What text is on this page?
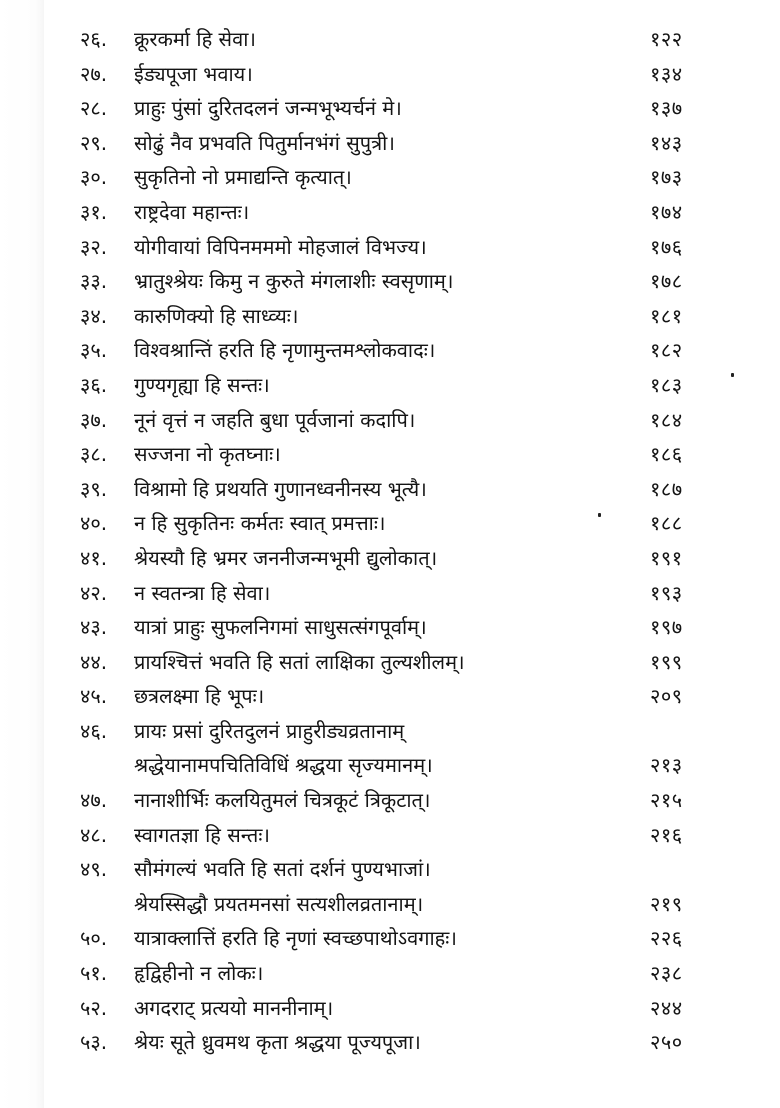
२६.	क्रूरकर्मा हि सेवा।	१२२
२७.	ईड्यपूजा भवाय।	१३४
२८.	प्राहुः पुंसां दुरितदलनं जन्मभूभ्यर्चनं मे।	१३७
२९.	सोढुं नैव प्रभवति पितुर्मानभंगं सुपुत्री।	१४३
३०.	सुकृतिनो नो प्रमाद्यन्ति कृत्यात्।	१७३
३१.	राष्ट्रदेवा महान्तः।	१७४
३२.	योगीवायां विपिनमममो मोहजालं विभज्य।	१७६
३३.	भ्रातुश्श्रेयः किमु न कुरुते मंगलाशीः स्वसृणाम्।	१७८
३४.	कारुणिक्यो हि साध्व्यः।	१८१
३५.	विश्वश्रान्तिं हरति हि नृणामुन्तमश्लोकवादः।	१८२
३६.	गुण्यगृह्या हि सन्तः।	१८३
३७.	नूनं वृत्तं न जहति बुधा पूर्वजानां कदापि।	१८४
३८.	सज्जना नो कृतघ्नाः।	१८६
३९.	विश्रामो हि प्रथयति गुणानध्वनीनस्य भूत्यै।	१८७
४०.	न हि सुकृतिनः कर्मतः स्वात् प्रमत्ताः।	१८८
४१.	श्रेयस्यौ हि भ्रमर जननीजन्मभूमी द्युलोकात्।	१९१
४२.	न स्वतन्त्रा हि सेवा।	१९३
४३.	यात्रां प्राहुः सुफलनिगमां साधुसत्संगपूर्वाम्।	१९७
४४.	प्रायश्चित्तं भवति हि सतां लाक्षिका तुल्यशीलम्।	१९९
४५.	छत्रलक्ष्मा हि भूपः।	२०९
४६.	प्रायः प्रसां दुरितदुलनं प्राहुरीड्यव्रतानाम्
श्रद्धेयानामपचितिविधिं श्रद्धया सृज्यमानम्।	२१३
४७.	नानाशीर्भिः कलयितुमलं चित्रकूटं त्रिकूटात्।	२१५
४८.	स्वागतज्ञा हि सन्तः।	२१६
४९.	सौमंगल्यं भवति हि सतां दर्शनं पुण्यभाजां।
श्रेयस्सिद्धौ प्रयतमनसां सत्यशीलव्रतानाम्।	२१९
५०.	यात्राक्लात्तिं हरति हि नृणां स्वच्छपाथोऽवगाहः।	२२६
५१.	हृद्विहीनो न लोकः।	२३८
५२.	अगदराट् प्रत्ययो माननीनाम्।	२४४
५३.	श्रेयः सूते ध्रुवमथ कृता श्रद्धया पूज्यपूजा।	२५०
